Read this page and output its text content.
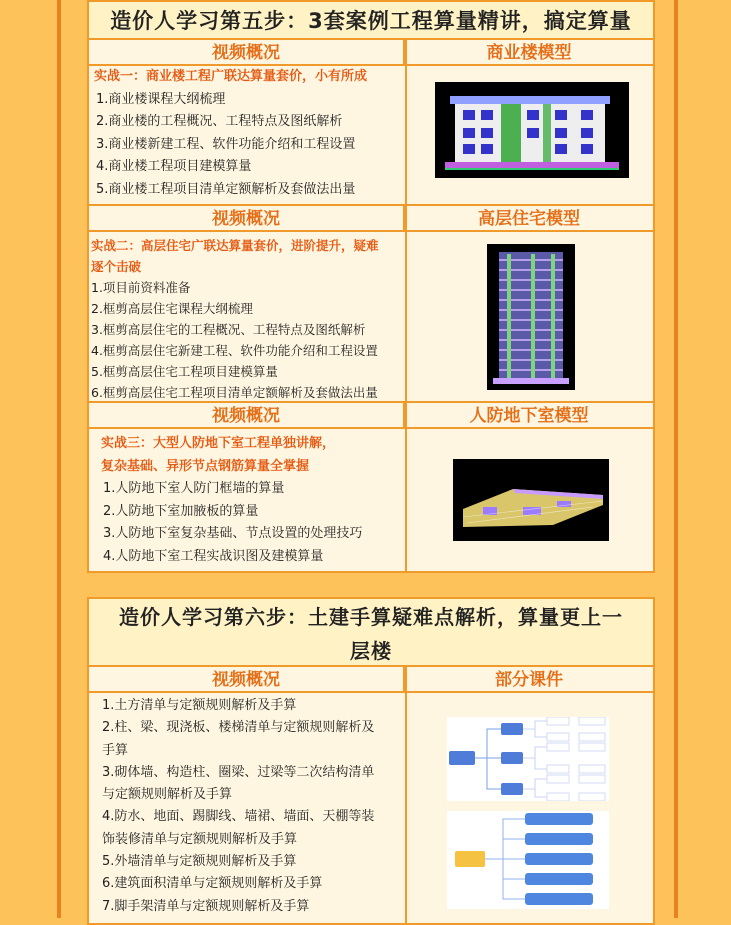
造价人学习第五步：3套案例工程算量精讲，搞定算量
视频概况	商业楼模型
实战一：商业楼工程广联达算量套价，小有所成
1.商业楼课程大纲梳理
2.商业楼的工程概况、工程特点及图纸解析
3.商业楼新建工程、软件功能介绍和工程设置
4.商业楼工程项目建模算量
5.商业楼工程项目清单定额解析及套做法出量
视频概况	高层住宅模型
实战二：高层住宅广联达算量套价，进阶提升，疑难
逐个击破
1.项目前资料准备
2.框剪高层住宅课程大纲梳理
3.框剪高层住宅的工程概况、工程特点及图纸解析
4.框剪高层住宅新建工程、软件功能介绍和工程设置
5.框剪高层住宅工程项目建模算量
6.框剪高层住宅工程项目清单定额解析及套做法出量
视频概况	人防地下室模型
实战三：大型人防地下室工程单独讲解，
复杂基础、异形节点钢筋算量全掌握
1.人防地下室人防门框墙的算量
2.人防地下室加腋板的算量
3.人防地下室复杂基础、节点设置的处理技巧
4.人防地下室工程实战识图及建模算量
造价人学习第六步：土建手算疑难点解析，算量更上一
层楼
视频概况	部分课件
1.土方清单与定额规则解析及手算
2.柱、梁、现浇板、楼梯清单与定额规则解析及
手算
3.砌体墙、构造柱、圈梁、过梁等二次结构清单
与定额规则解析及手算
4.防水、地面、踢脚线、墙裙、墙面、天棚等装
饰装修清单与定额规则解析及手算
5.外墙清单与定额规则解析及手算
6.建筑面积清单与定额规则解析及手算
7.脚手架清单与定额规则解析及手算
